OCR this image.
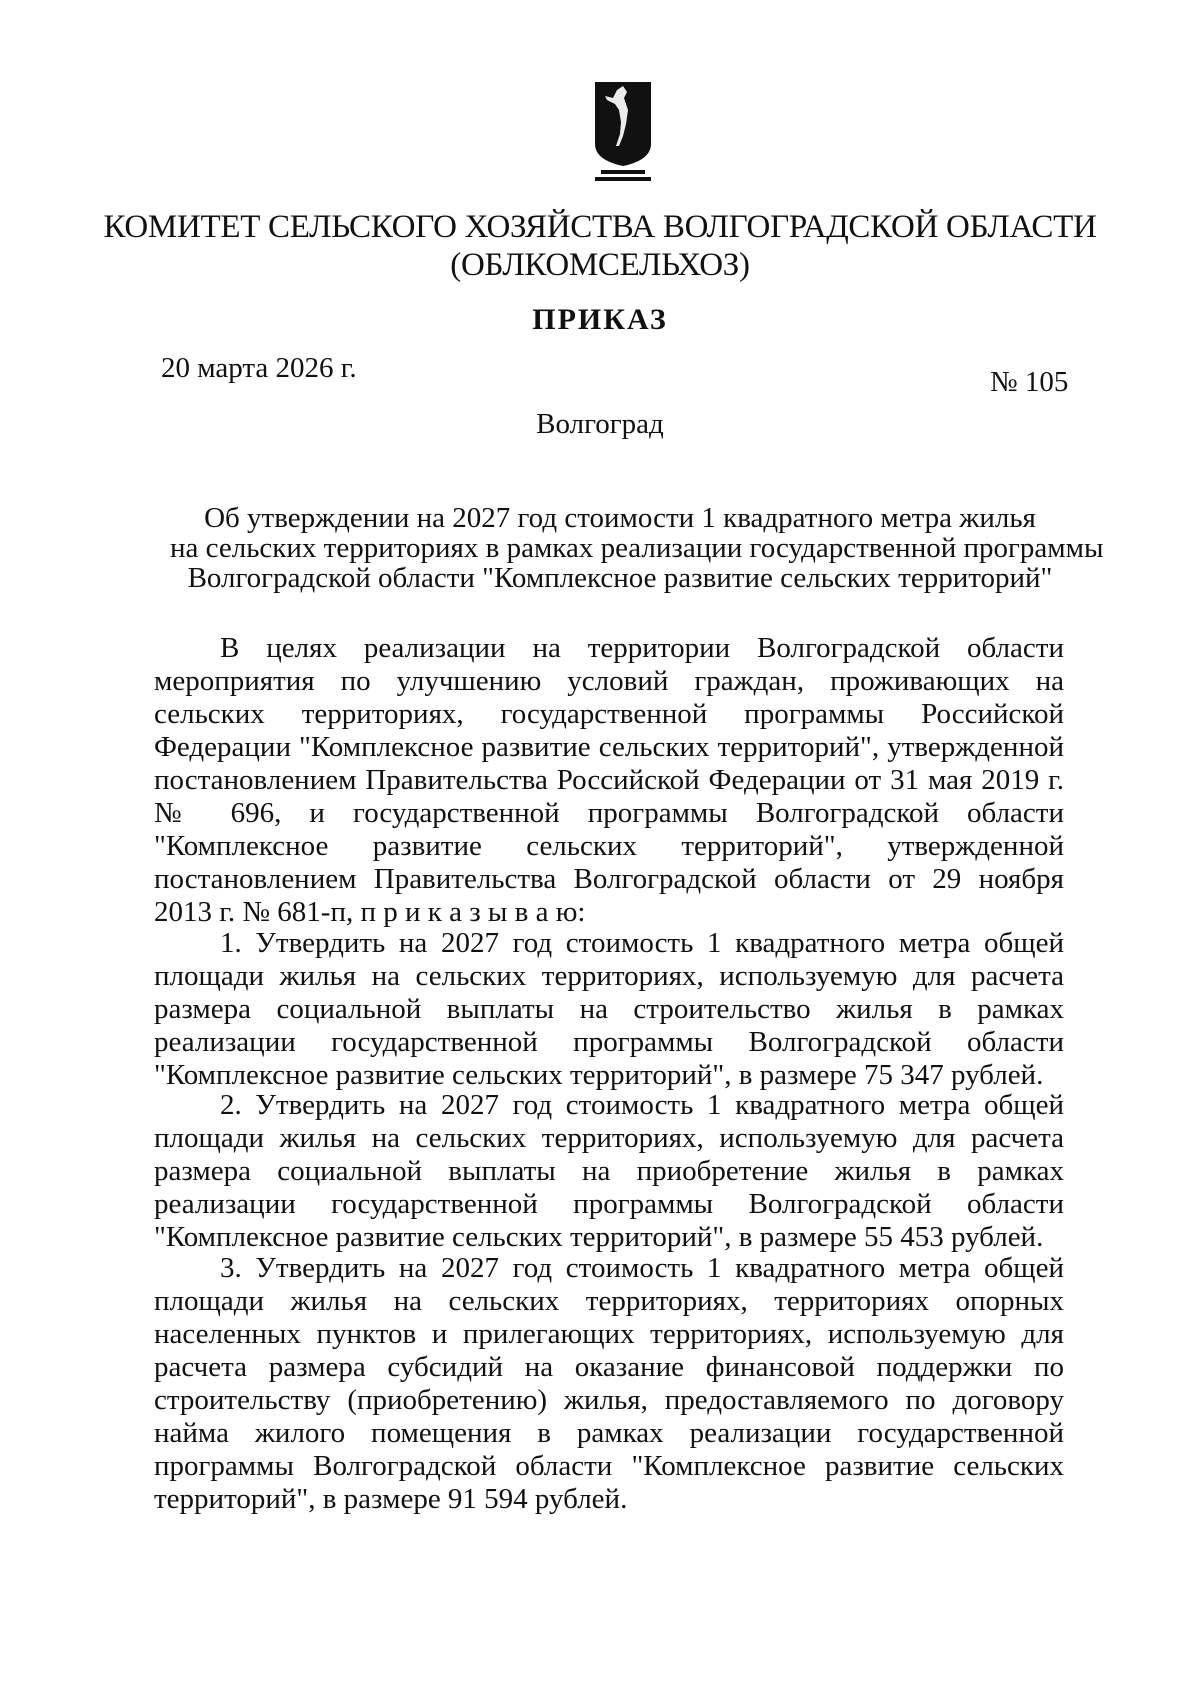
КОМИТЕТ СЕЛЬСКОГО ХОЗЯЙСТВА ВОЛГОГРАДСКОЙ ОБЛАСТИ
(ОБЛКОМСЕЛЬХОЗ)
ПРИКАЗ
20 марта 2026 г.	№ 105
Волгоград
Об утверждении на 2027 год стоимости 1 квадратного метра жилья
на сельских территориях в рамках реализации государственной программы
Волгоградской области "Комплексное развитие сельских территорий"

В целях реализации на территории Волгоградской области мероприятия по улучшению условий граждан, проживающих на сельских территориях, государственной программы Российской Федерации "Комплексное развитие сельских территорий", утвержденной постановлением Правительства Российской Федерации от 31 мая 2019 г. № 696, и государственной программы Волгоградской области "Комплексное развитие сельских территорий", утвержденной постановлением Правительства Волгоградской области от 29 ноября 2013 г. № 681-п, п р и к а з ы в а ю:

1. Утвердить на 2027 год стоимость 1 квадратного метра общей площади жилья на сельских территориях, используемую для расчета размера социальной выплаты на строительство жилья в рамках реализации государственной программы Волгоградской области "Комплексное развитие сельских территорий", в размере 75 347 рублей.

2. Утвердить на 2027 год стоимость 1 квадратного метра общей площади жилья на сельских территориях, используемую для расчета размера социальной выплаты на приобретение жилья в рамках реализации государственной программы Волгоградской области "Комплексное развитие сельских территорий", в размере 55 453 рублей.

3. Утвердить на 2027 год стоимость 1 квадратного метра общей площади жилья на сельских территориях, территориях опорных населенных пунктов и прилегающих территориях, используемую для расчета размера субсидий на оказание финансовой поддержки по строительству (приобретению) жилья, предоставляемого по договору найма жилого помещения в рамках реализации государственной программы Волгоградской области "Комплексное развитие сельских территорий", в размере 91 594 рублей.
